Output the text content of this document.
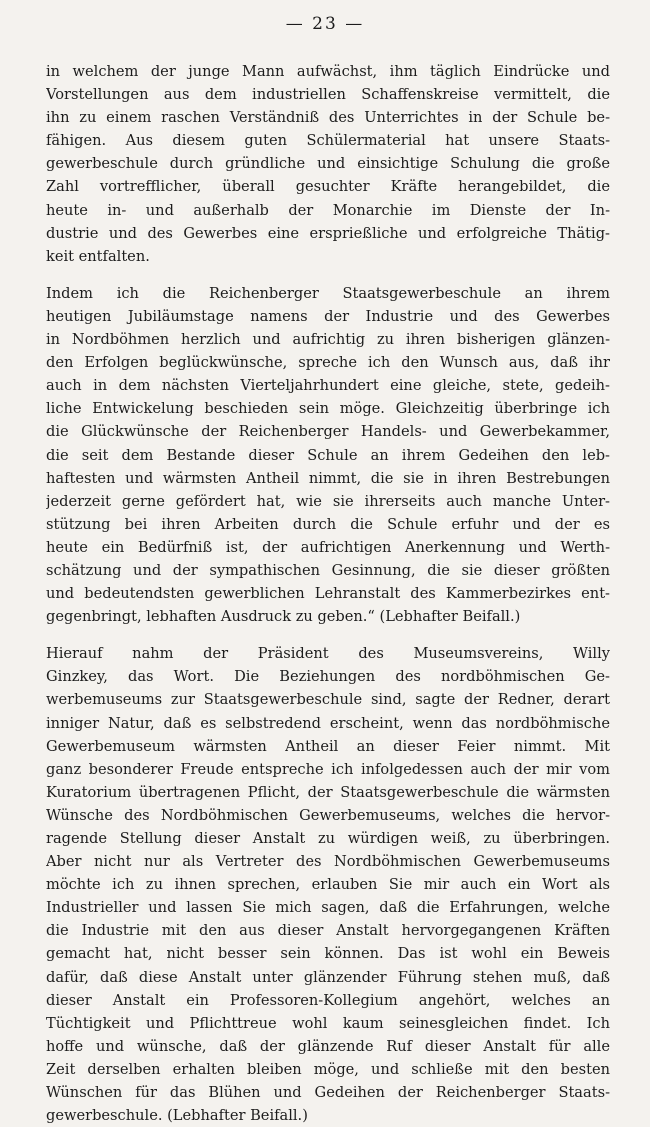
— 23 —
in welchem der junge Mann aufwächst, ihm täglich Eindrücke und
Vorstellungen aus dem industriellen Schaffenskreise vermittelt, die
ihn zu einem raschen Verständniß des Unterrichtes in der Schule be-
fähigen. Aus diesem guten Schülermaterial hat unsere Staats-
gewerbeschule durch gründliche und einsichtige Schulung die große
Zahl vortrefflicher, überall gesuchter Kräfte herangebildet, die
heute in- und außerhalb der Monarchie im Dienste der In-
dustrie und des Gewerbes eine ersprießliche und erfolgreiche Thätig-
keit entfalten.
Indem ich die Reichenberger Staatsgewerbeschule an ihrem
heutigen Jubiläumstage namens der Industrie und des Gewerbes
in Nordböhmen herzlich und aufrichtig zu ihren bisherigen glänzen-
den Erfolgen beglückwünsche, spreche ich den Wunsch aus, daß ihr
auch in dem nächsten Vierteljahrhundert eine gleiche, stete, gedeih-
liche Entwickelung beschieden sein möge. Gleichzeitig überbringe ich
die Glückwünsche der Reichenberger Handels- und Gewerbekammer,
die seit dem Bestande dieser Schule an ihrem Gedeihen den leb-
haftesten und wärmsten Antheil nimmt, die sie in ihren Bestrebungen
jederzeit gerne gefördert hat, wie sie ihrerseits auch manche Unter-
stützung bei ihren Arbeiten durch die Schule erfuhr und der es
heute ein Bedürfniß ist, der aufrichtigen Anerkennung und Werth-
schätzung und der sympathischen Gesinnung, die sie dieser größten
und bedeutendsten gewerblichen Lehranstalt des Kammerbezirkes ent-
gegenbringt, lebhaften Ausdruck zu geben.“ (Lebhafter Beifall.)
Hierauf nahm der Präsident des Museumsvereins, Willy
Ginzkey, das Wort. Die Beziehungen des nordböhmischen Ge-
werbemuseums zur Staatsgewerbeschule sind, sagte der Redner, derart
inniger Natur, daß es selbstredend erscheint, wenn das nordböhmische
Gewerbemuseum wärmsten Antheil an dieser Feier nimmt. Mit
ganz besonderer Freude entspreche ich infolgedessen auch der mir vom
Kuratorium übertragenen Pflicht, der Staatsgewerbeschule die wärmsten
Wünsche des Nordböhmischen Gewerbemuseums, welches die hervor-
ragende Stellung dieser Anstalt zu würdigen weiß, zu überbringen.
Aber nicht nur als Vertreter des Nordböhmischen Gewerbemuseums
möchte ich zu ihnen sprechen, erlauben Sie mir auch ein Wort als
Industrieller und lassen Sie mich sagen, daß die Erfahrungen, welche
die Industrie mit den aus dieser Anstalt hervorgegangenen Kräften
gemacht hat, nicht besser sein können. Das ist wohl ein Beweis
dafür, daß diese Anstalt unter glänzender Führung stehen muß, daß
dieser Anstalt ein Professoren-Kollegium angehört, welches an
Tüchtigkeit und Pflichttreue wohl kaum seinesgleichen findet. Ich
hoffe und wünsche, daß der glänzende Ruf dieser Anstalt für alle
Zeit derselben erhalten bleiben möge, und schließe mit den besten
Wünschen für das Blühen und Gedeihen der Reichenberger Staats-
gewerbeschule. (Lebhafter Beifall.)
